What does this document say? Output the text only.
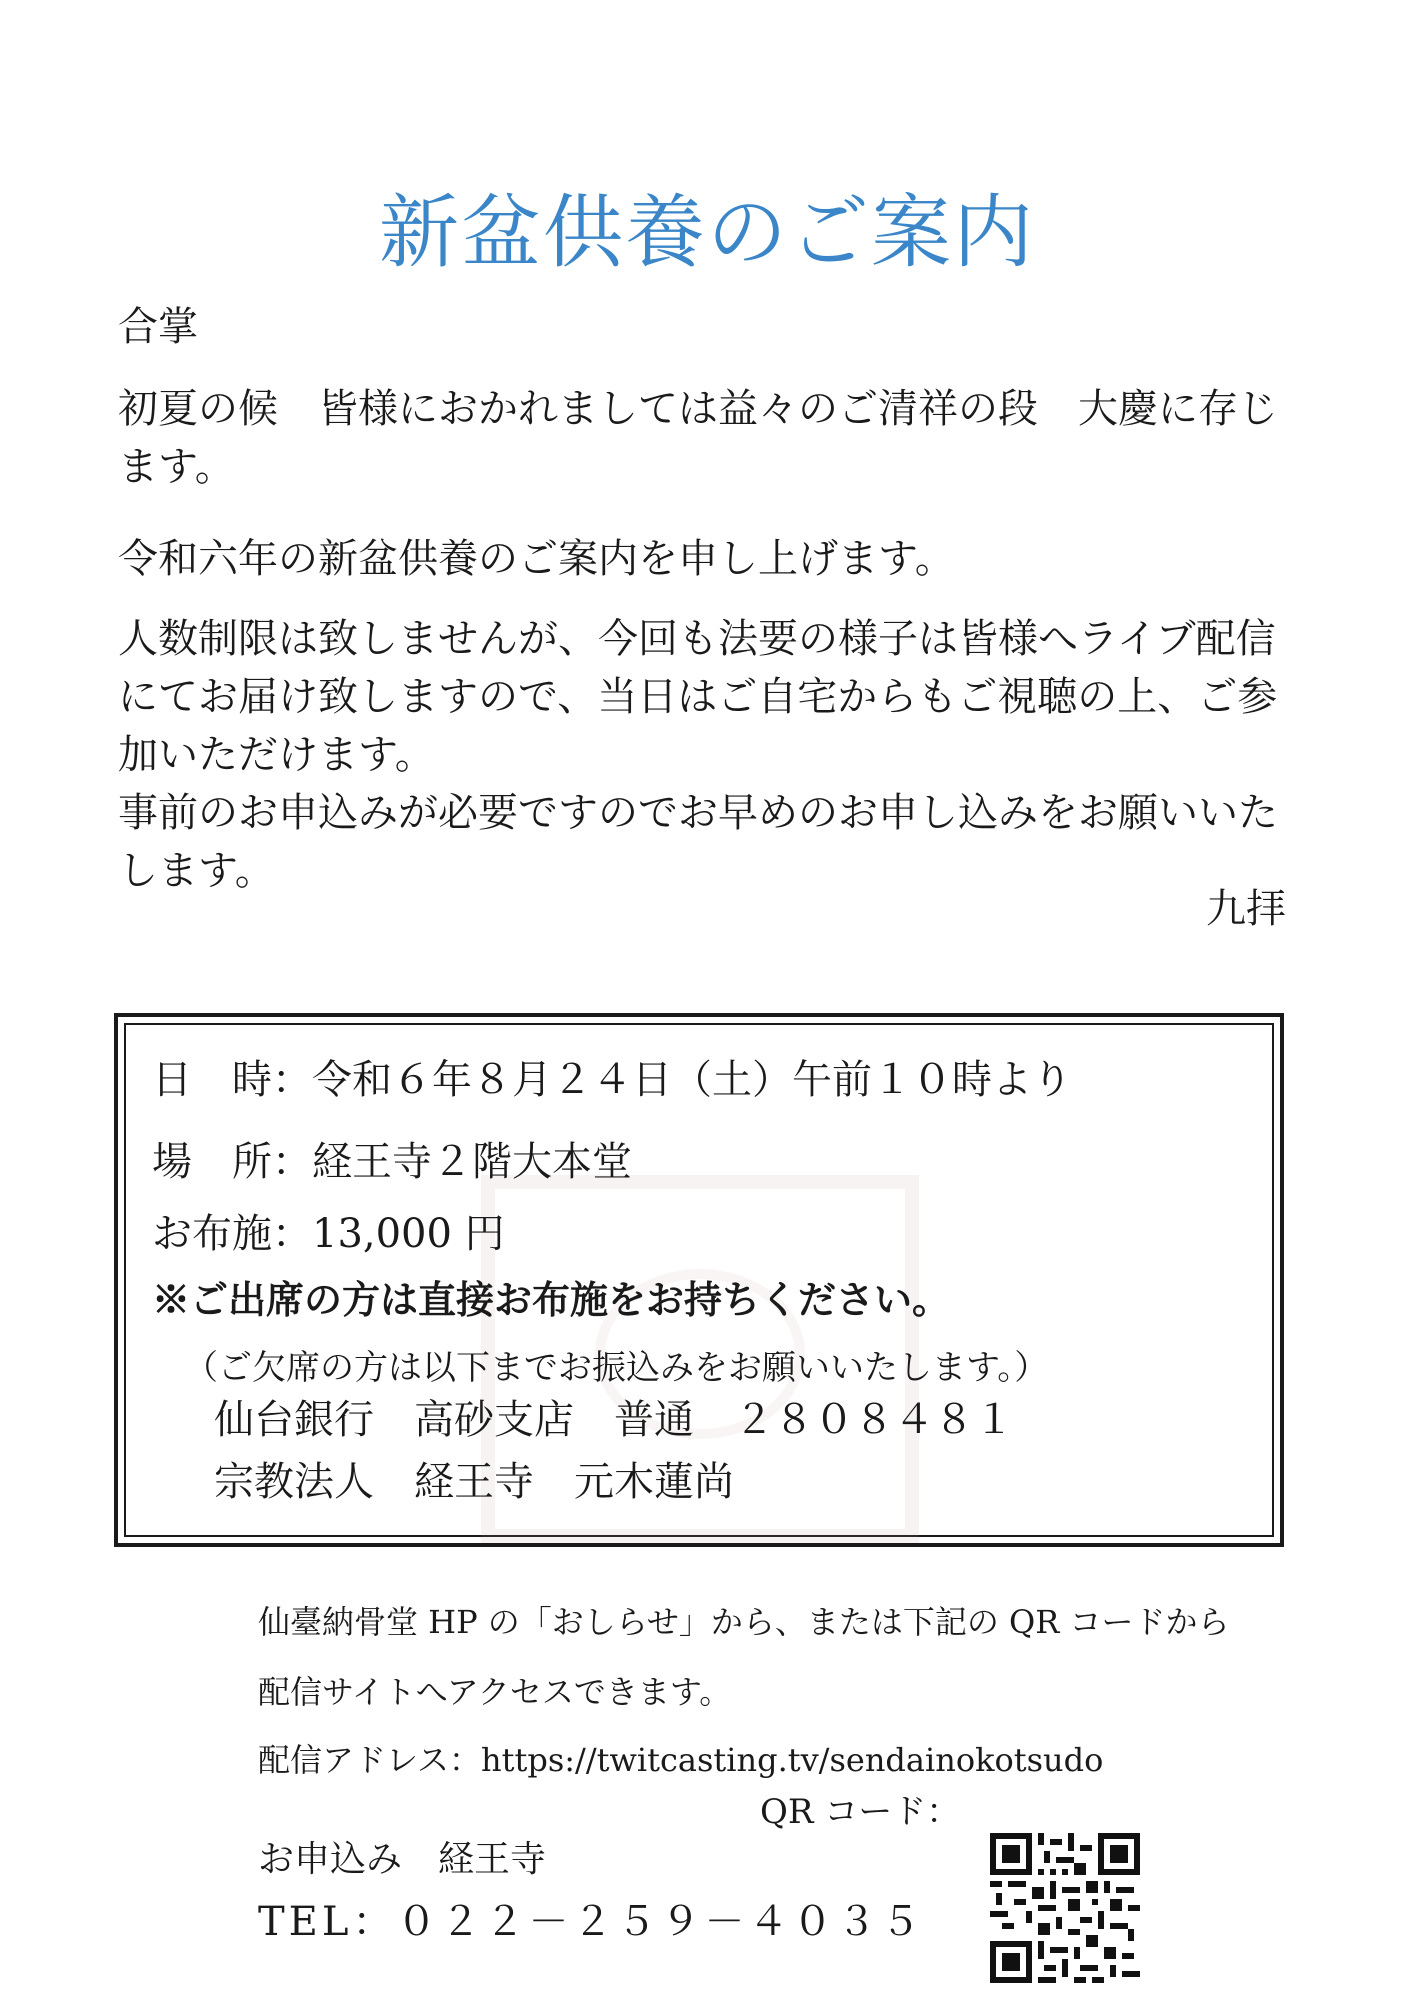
新盆供養のご案内
合掌
初夏の候　皆様におかれましては益々のご清祥の段　大慶に存じます。
令和六年の新盆供養のご案内を申し上げます。
人数制限は致しませんが、今回も法要の様子は皆様へライブ配信にてお届け致しますので、当日はご自宅からもご視聴の上、ご参加いただけます。
事前のお申込みが必要ですのでお早めのお申し込みをお願いいたします。
九拝
日　時：令和６年８月２４日（土）午前１０時より
場　所：経王寺２階大本堂
お布施：13,000 円
※ご出席の方は直接お布施をお持ちください。
（ご欠席の方は以下までお振込みをお願いいたします。）
仙台銀行　高砂支店　普通　２８０８４８１
宗教法人　経王寺　元木蓮尚
仙臺納骨堂 HP の「おしらせ」から、または下記の QR コードから
配信サイトへアクセスできます。
配信アドレス：https://twitcasting.tv/sendainokotsudo
QR コード：
お申込み　経王寺
TEL：０２２－２５９－４０３５
